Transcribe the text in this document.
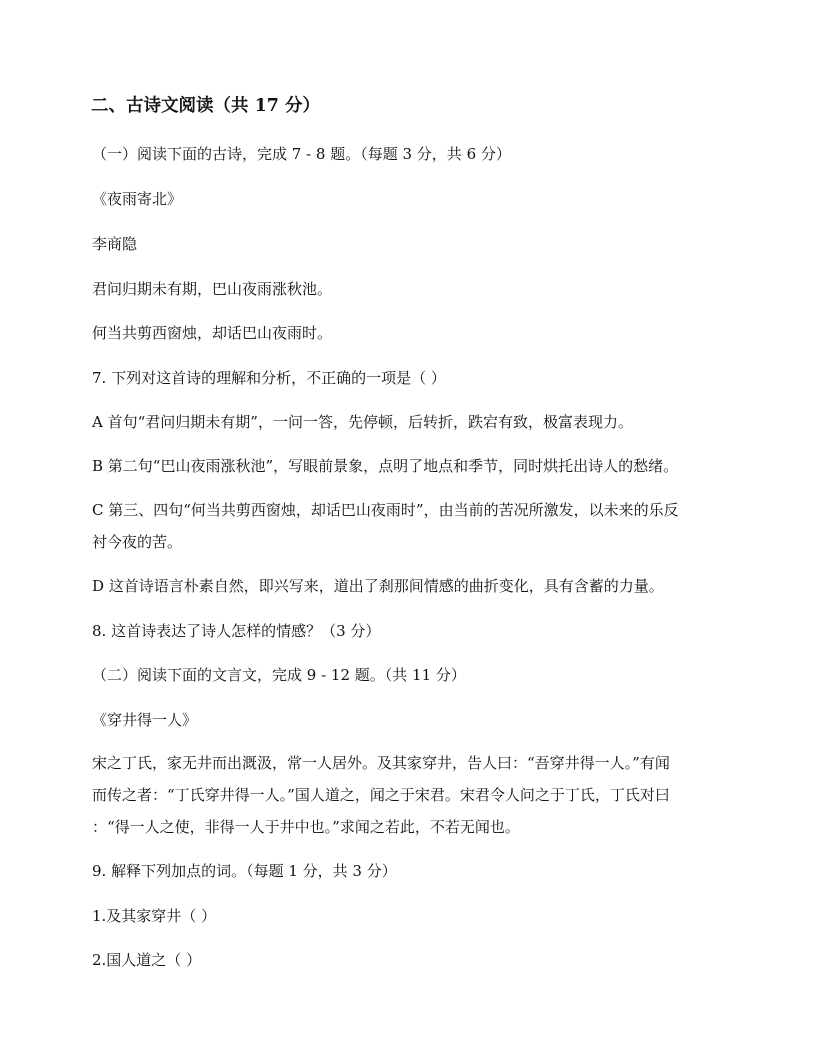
二、古诗文阅读（共 17 分）
（一）阅读下面的古诗，完成 7 - 8 题。（每题 3 分，共 6 分）
《夜雨寄北》
李商隐
君问归期未有期，巴山夜雨涨秋池。
何当共剪西窗烛，却话巴山夜雨时。
7. 下列对这首诗的理解和分析，不正确的一项是（ ）
A 首句“君问归期未有期”，一问一答，先停顿，后转折，跌宕有致，极富表现力。
B 第二句“巴山夜雨涨秋池”，写眼前景象，点明了地点和季节，同时烘托出诗人的愁绪。
C 第三、四句“何当共剪西窗烛，却话巴山夜雨时”，由当前的苦况所激发，以未来的乐反
衬今夜的苦。
D 这首诗语言朴素自然，即兴写来，道出了刹那间情感的曲折变化，具有含蓄的力量。
8. 这首诗表达了诗人怎样的情感？（3 分）
（二）阅读下面的文言文，完成 9 - 12 题。（共 11 分）
《穿井得一人》
宋之丁氏，家无井而出溉汲，常一人居外。及其家穿井，告人曰：“吾穿井得一人。”有闻
而传之者：“丁氏穿井得一人。”国人道之，闻之于宋君。宋君令人问之于丁氏，丁氏对曰
：“得一人之使，非得一人于井中也。”求闻之若此，不若无闻也。
9. 解释下列加点的词。（每题 1 分，共 3 分）
1.及其家穿井（ ）
2.国人道之（ ）
